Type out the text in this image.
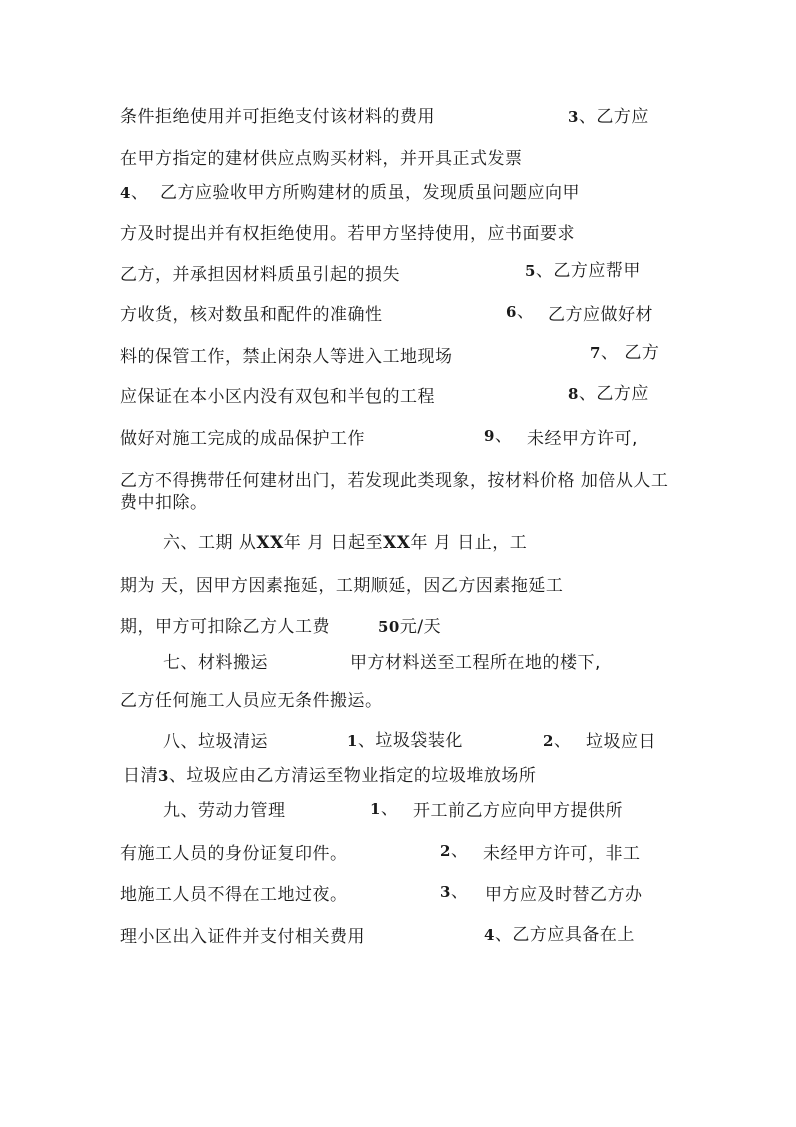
条件拒绝使用并可拒绝支付该材料的费用	3、乙方应
在甲方指定的建材供应点购买材料，并开具正式发票
4、 乙方应验收甲方所购建材的质虽，发现质虽问题应向甲
方及时提出并有权拒绝使用。若甲方坚持使用，应书面要求
乙方，并承担因材料质虽引起的损失	5、乙方应帮甲
方收货，核对数虽和配件的准确性	6、 乙方应做好材
料的保管工作，禁止闲杂人等进入工地现场	7、 乙方
应保证在本小区内没有双包和半包的工程	8、乙方应
做好对施工完成的成品保护工作	9、 未经甲方许可,
乙方不得携带任何建材出门，若发现此类现象，按材料价格 加倍从人工
费中扣除。
六、工期 从XX年 月 日起至XX年 月 日止，工
期为 天，因甲方因素拖延，工期顺延，因乙方因素拖延工
期，甲方可扣除乙方人工费	50元/天
七、材料搬运	甲方材料送至工程所在地的楼下,
乙方任何施工人员应无条件搬运。
八、垃圾清运	1、垃圾袋装化	2、 垃圾应日
日清3、垃圾应由乙方清运至物业指定的垃圾堆放场所
九、劳动力管理	1、 开工前乙方应向甲方提供所
有施工人员的身份证复印件。	2、 未经甲方许可，非工
地施工人员不得在工地过夜。	3、 甲方应及时替乙方办
理小区出入证件并支付相关费用	4、乙方应具备在上
